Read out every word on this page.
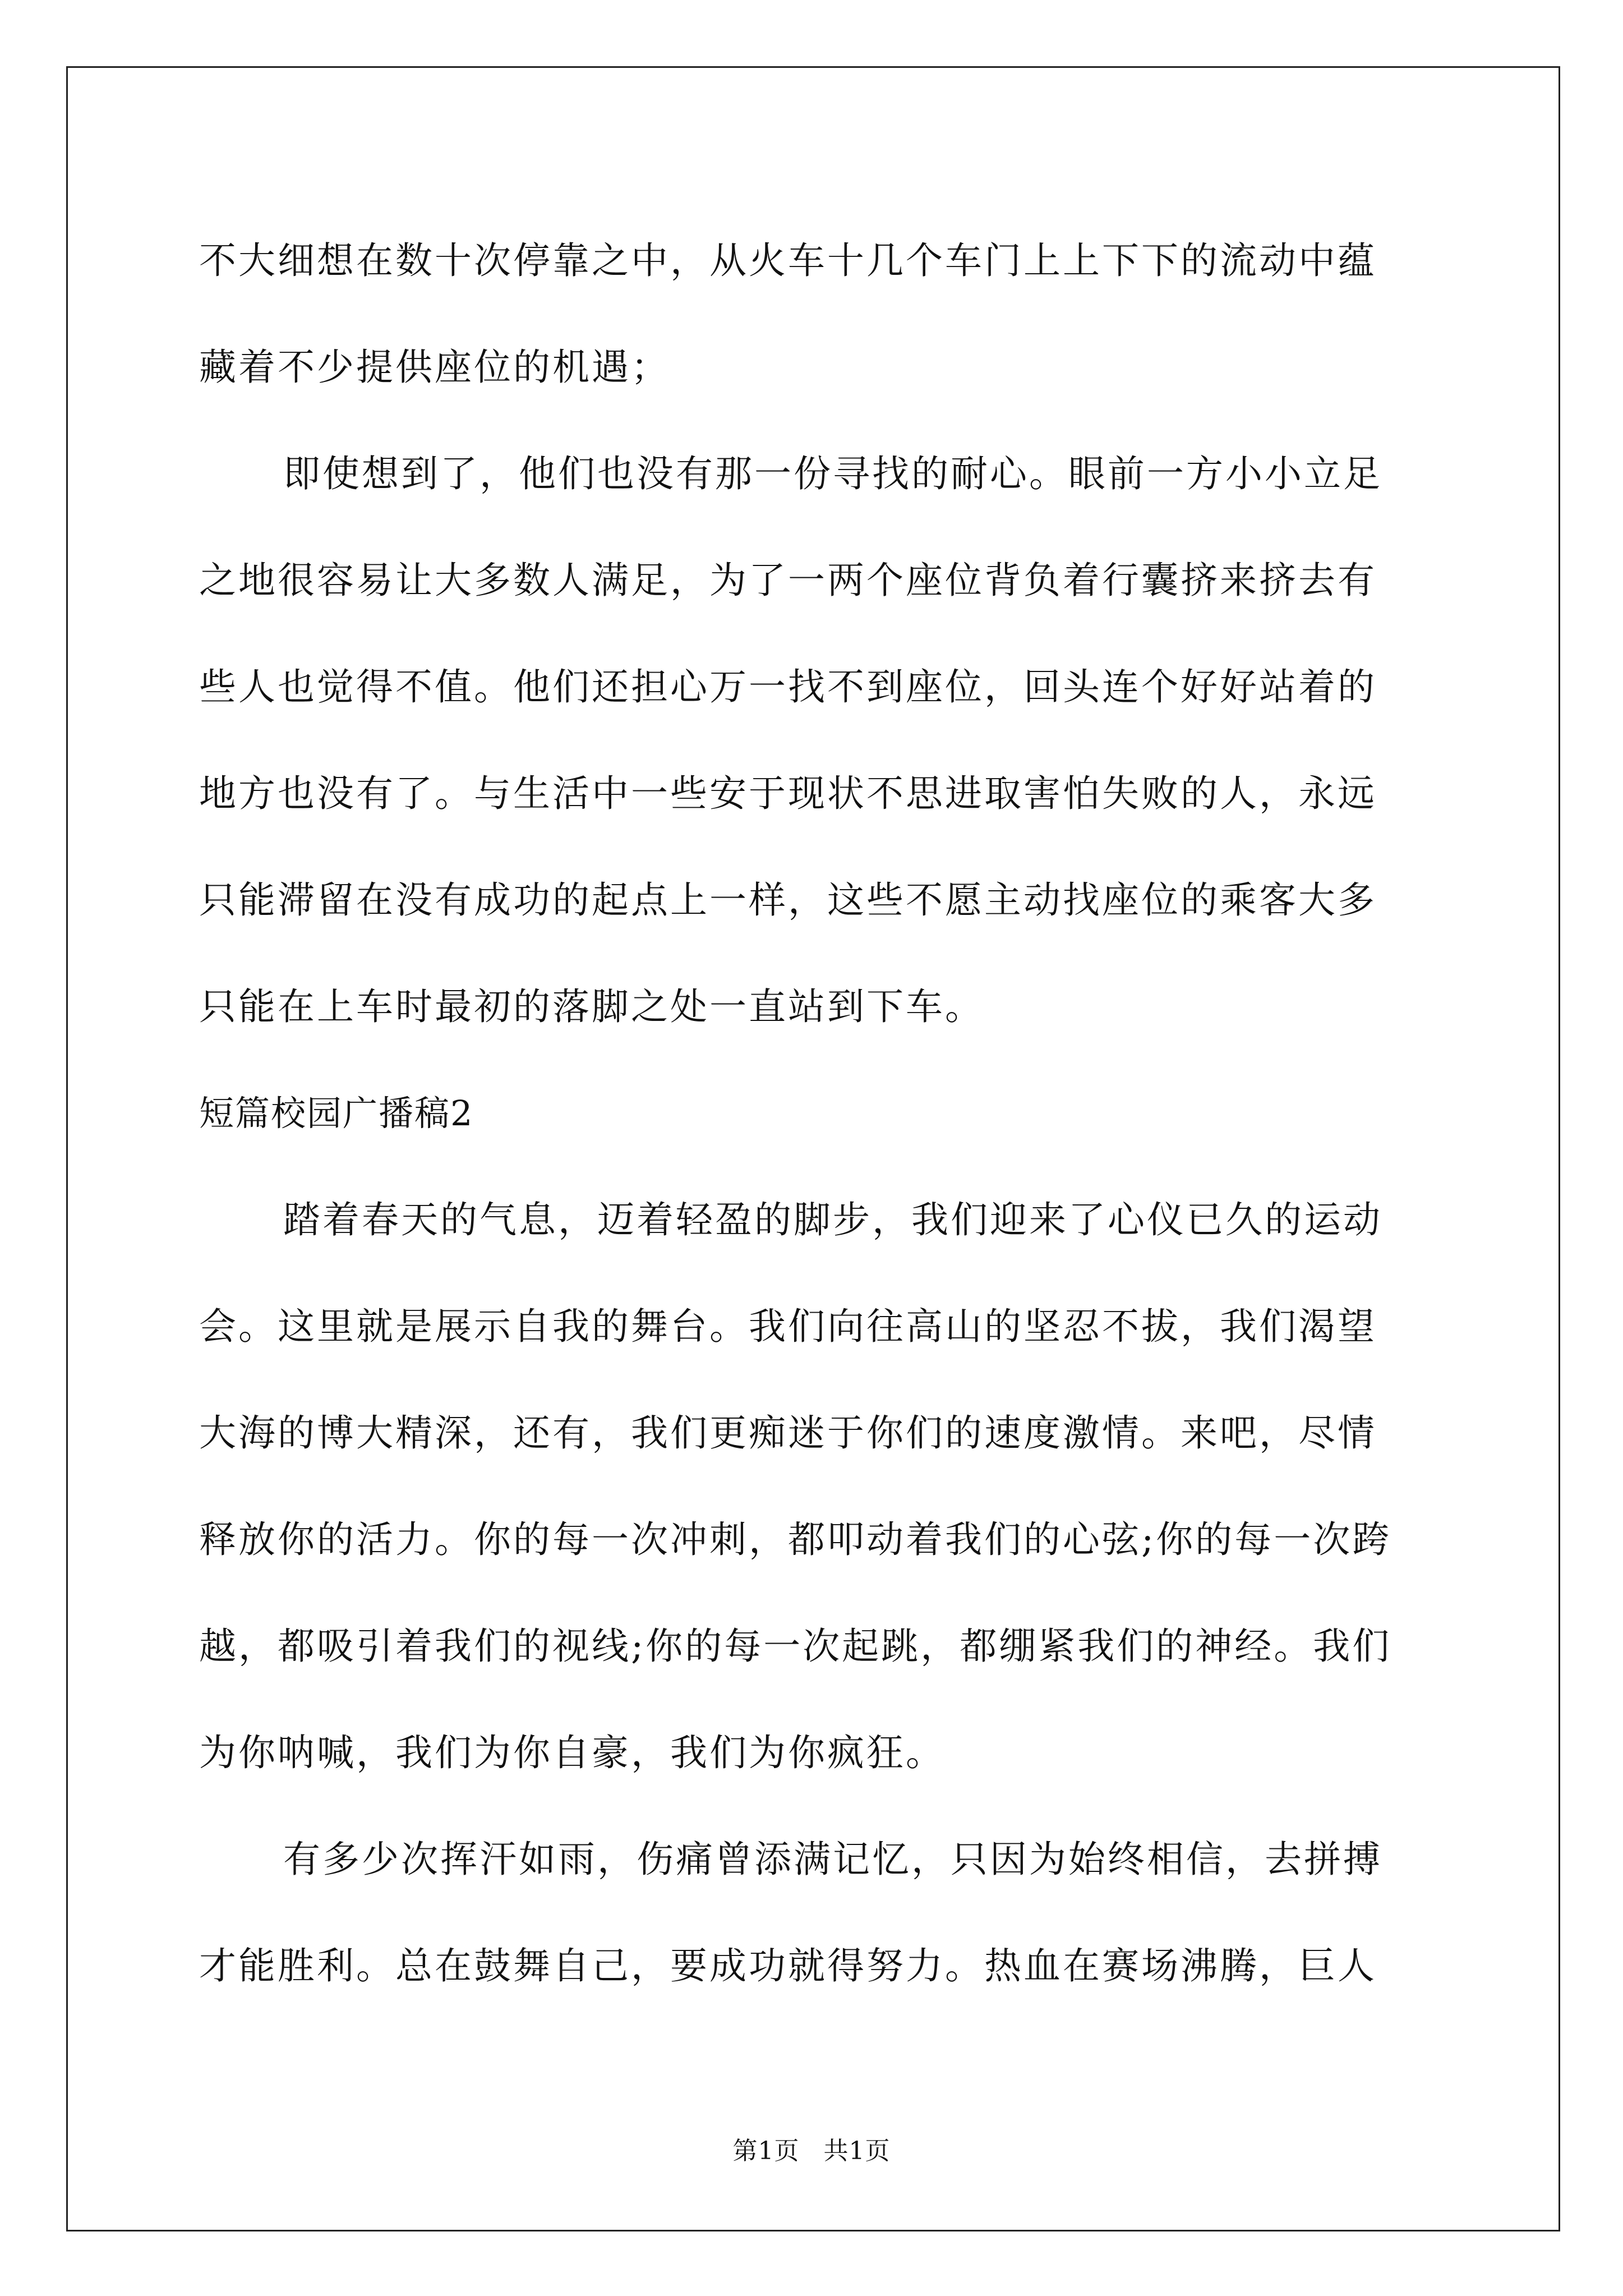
不大细想在数十次停靠之中，从火车十几个车门上上下下的流动中蕴
藏着不少提供座位的机遇；
即使想到了，他们也没有那一份寻找的耐心。眼前一方小小立足
之地很容易让大多数人满足，为了一两个座位背负着行囊挤来挤去有
些人也觉得不值。他们还担心万一找不到座位，回头连个好好站着的
地方也没有了。与生活中一些安于现状不思进取害怕失败的人，永远
只能滞留在没有成功的起点上一样，这些不愿主动找座位的乘客大多
只能在上车时最初的落脚之处一直站到下车。
短篇校园广播稿2
踏着春天的气息，迈着轻盈的脚步，我们迎来了心仪已久的运动
会。这里就是展示自我的舞台。我们向往高山的坚忍不拔，我们渴望
大海的博大精深，还有，我们更痴迷于你们的速度激情。来吧，尽情
释放你的活力。你的每一次冲刺，都叩动着我们的心弦;你的每一次跨
越，都吸引着我们的视线;你的每一次起跳，都绷紧我们的神经。我们
为你呐喊，我们为你自豪，我们为你疯狂。
有多少次挥汗如雨，伤痛曾添满记忆，只因为始终相信，去拼搏
才能胜利。总在鼓舞自己，要成功就得努力。热血在赛场沸腾，巨人
第1页 共1页
